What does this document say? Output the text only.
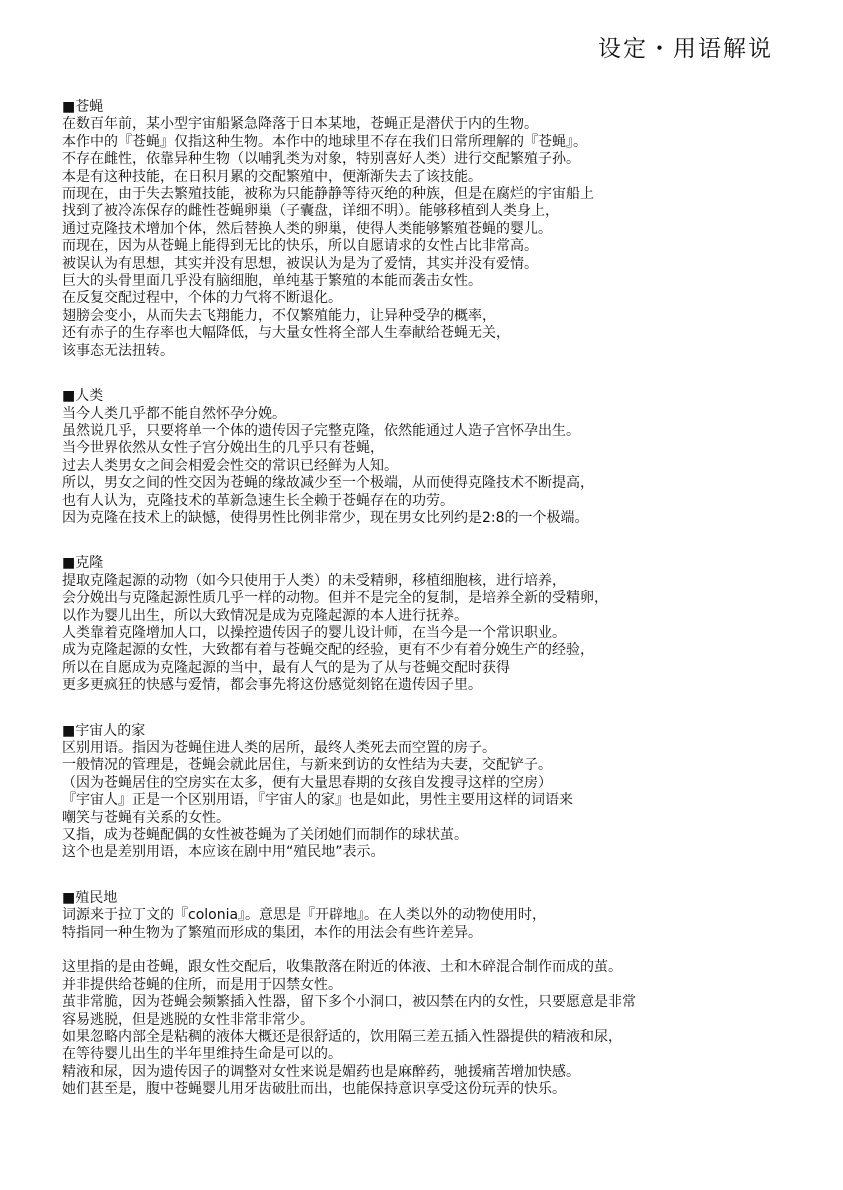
设定・用语解说
■苍蝇
在数百年前，某小型宇宙船紧急降落于日本某地，苍蝇正是潜伏于内的生物。
本作中的『苍蝇』仅指这种生物。本作中的地球里不存在我们日常所理解的『苍蝇』。
不存在雌性，依靠异种生物（以哺乳类为对象，特别喜好人类）进行交配繁殖子孙。
本是有这种技能，在日积月累的交配繁殖中，便渐渐失去了该技能。
而现在，由于失去繁殖技能，被称为只能静静等待灭绝的种族，但是在腐烂的宇宙船上
找到了被冷冻保存的雌性苍蝇卵巢（子囊盘，详细不明）。能够移植到人类身上，
通过克隆技术增加个体，然后替换人类的卵巢，使得人类能够繁殖苍蝇的婴儿。
而现在，因为从苍蝇上能得到无比的快乐，所以自愿请求的女性占比非常高。
被误认为有思想，其实并没有思想，被误认为是为了爱情，其实并没有爱情。
巨大的头骨里面几乎没有脑细胞，单纯基于繁殖的本能而袭击女性。
在反复交配过程中，个体的力气将不断退化。
翅膀会变小，从而失去飞翔能力，不仅繁殖能力，让异种受孕的概率，
还有赤子的生存率也大幅降低，与大量女性将全部人生奉献给苍蝇无关，
该事态无法扭转。
■人类
当今人类几乎都不能自然怀孕分娩。
虽然说几乎，只要将单一个体的遗传因子完整克隆，依然能通过人造子宫怀孕出生。
当今世界依然从女性子宫分娩出生的几乎只有苍蝇，
过去人类男女之间会相爱会性交的常识已经鲜为人知。
所以，男女之间的性交因为苍蝇的缘故减少至一个极端，从而使得克隆技术不断提高，
也有人认为，克隆技术的革新急速生长全赖于苍蝇存在的功劳。
因为克隆在技术上的缺憾，使得男性比例非常少，现在男女比列约是2:8的一个极端。
■克隆
提取克隆起源的动物（如今只使用于人类）的未受精卵，移植细胞核，进行培养，
会分娩出与克隆起源性质几乎一样的动物。但并不是完全的复制，是培养全新的受精卵，
以作为婴儿出生，所以大致情况是成为克隆起源的本人进行抚养。
人类靠着克隆增加人口，以操控遗传因子的婴儿设计师，在当今是一个常识职业。
成为克隆起源的女性，大致都有着与苍蝇交配的经验，更有不少有着分娩生产的经验，
所以在自愿成为克隆起源的当中，最有人气的是为了从与苍蝇交配时获得
更多更疯狂的快感与爱情，都会事先将这份感觉刻铭在遗传因子里。
■宇宙人的家
区别用语。指因为苍蝇住进人类的居所，最终人类死去而空置的房子。
一般情况的管理是，苍蝇会就此居住，与新来到访的女性结为夫妻，交配铲子。
（因为苍蝇居住的空房实在太多，便有大量思春期的女孩自发搜寻这样的空房）
『宇宙人』正是一个区别用语，『宇宙人的家』也是如此，男性主要用这样的词语来
嘲笑与苍蝇有关系的女性。
又指，成为苍蝇配偶的女性被苍蝇为了关闭她们而制作的球状茧。
这个也是差别用语，本应该在剧中用“殖民地”表示。
■殖民地
词源来于拉丁文的『colonia』。意思是『开辟地』。在人类以外的动物使用时，
特指同一种生物为了繁殖而形成的集团，本作的用法会有些许差异。
这里指的是由苍蝇，跟女性交配后，收集散落在附近的体液、土和木碎混合制作而成的茧。
并非提供给苍蝇的住所，而是用于囚禁女性。
茧非常脆，因为苍蝇会频繁插入性器，留下多个小洞口，被囚禁在内的女性，只要愿意是非常
容易逃脱，但是逃脱的女性非常非常少。
如果忽略内部全是粘稠的液体大概还是很舒适的，饮用隔三差五插入性器提供的精液和尿，
在等待婴儿出生的半年里维持生命是可以的。
精液和尿，因为遗传因子的调整对女性来说是媚药也是麻醉药，驰援痛苦增加快感。
她们甚至是，腹中苍蝇婴儿用牙齿破肚而出，也能保持意识享受这份玩弄的快乐。
